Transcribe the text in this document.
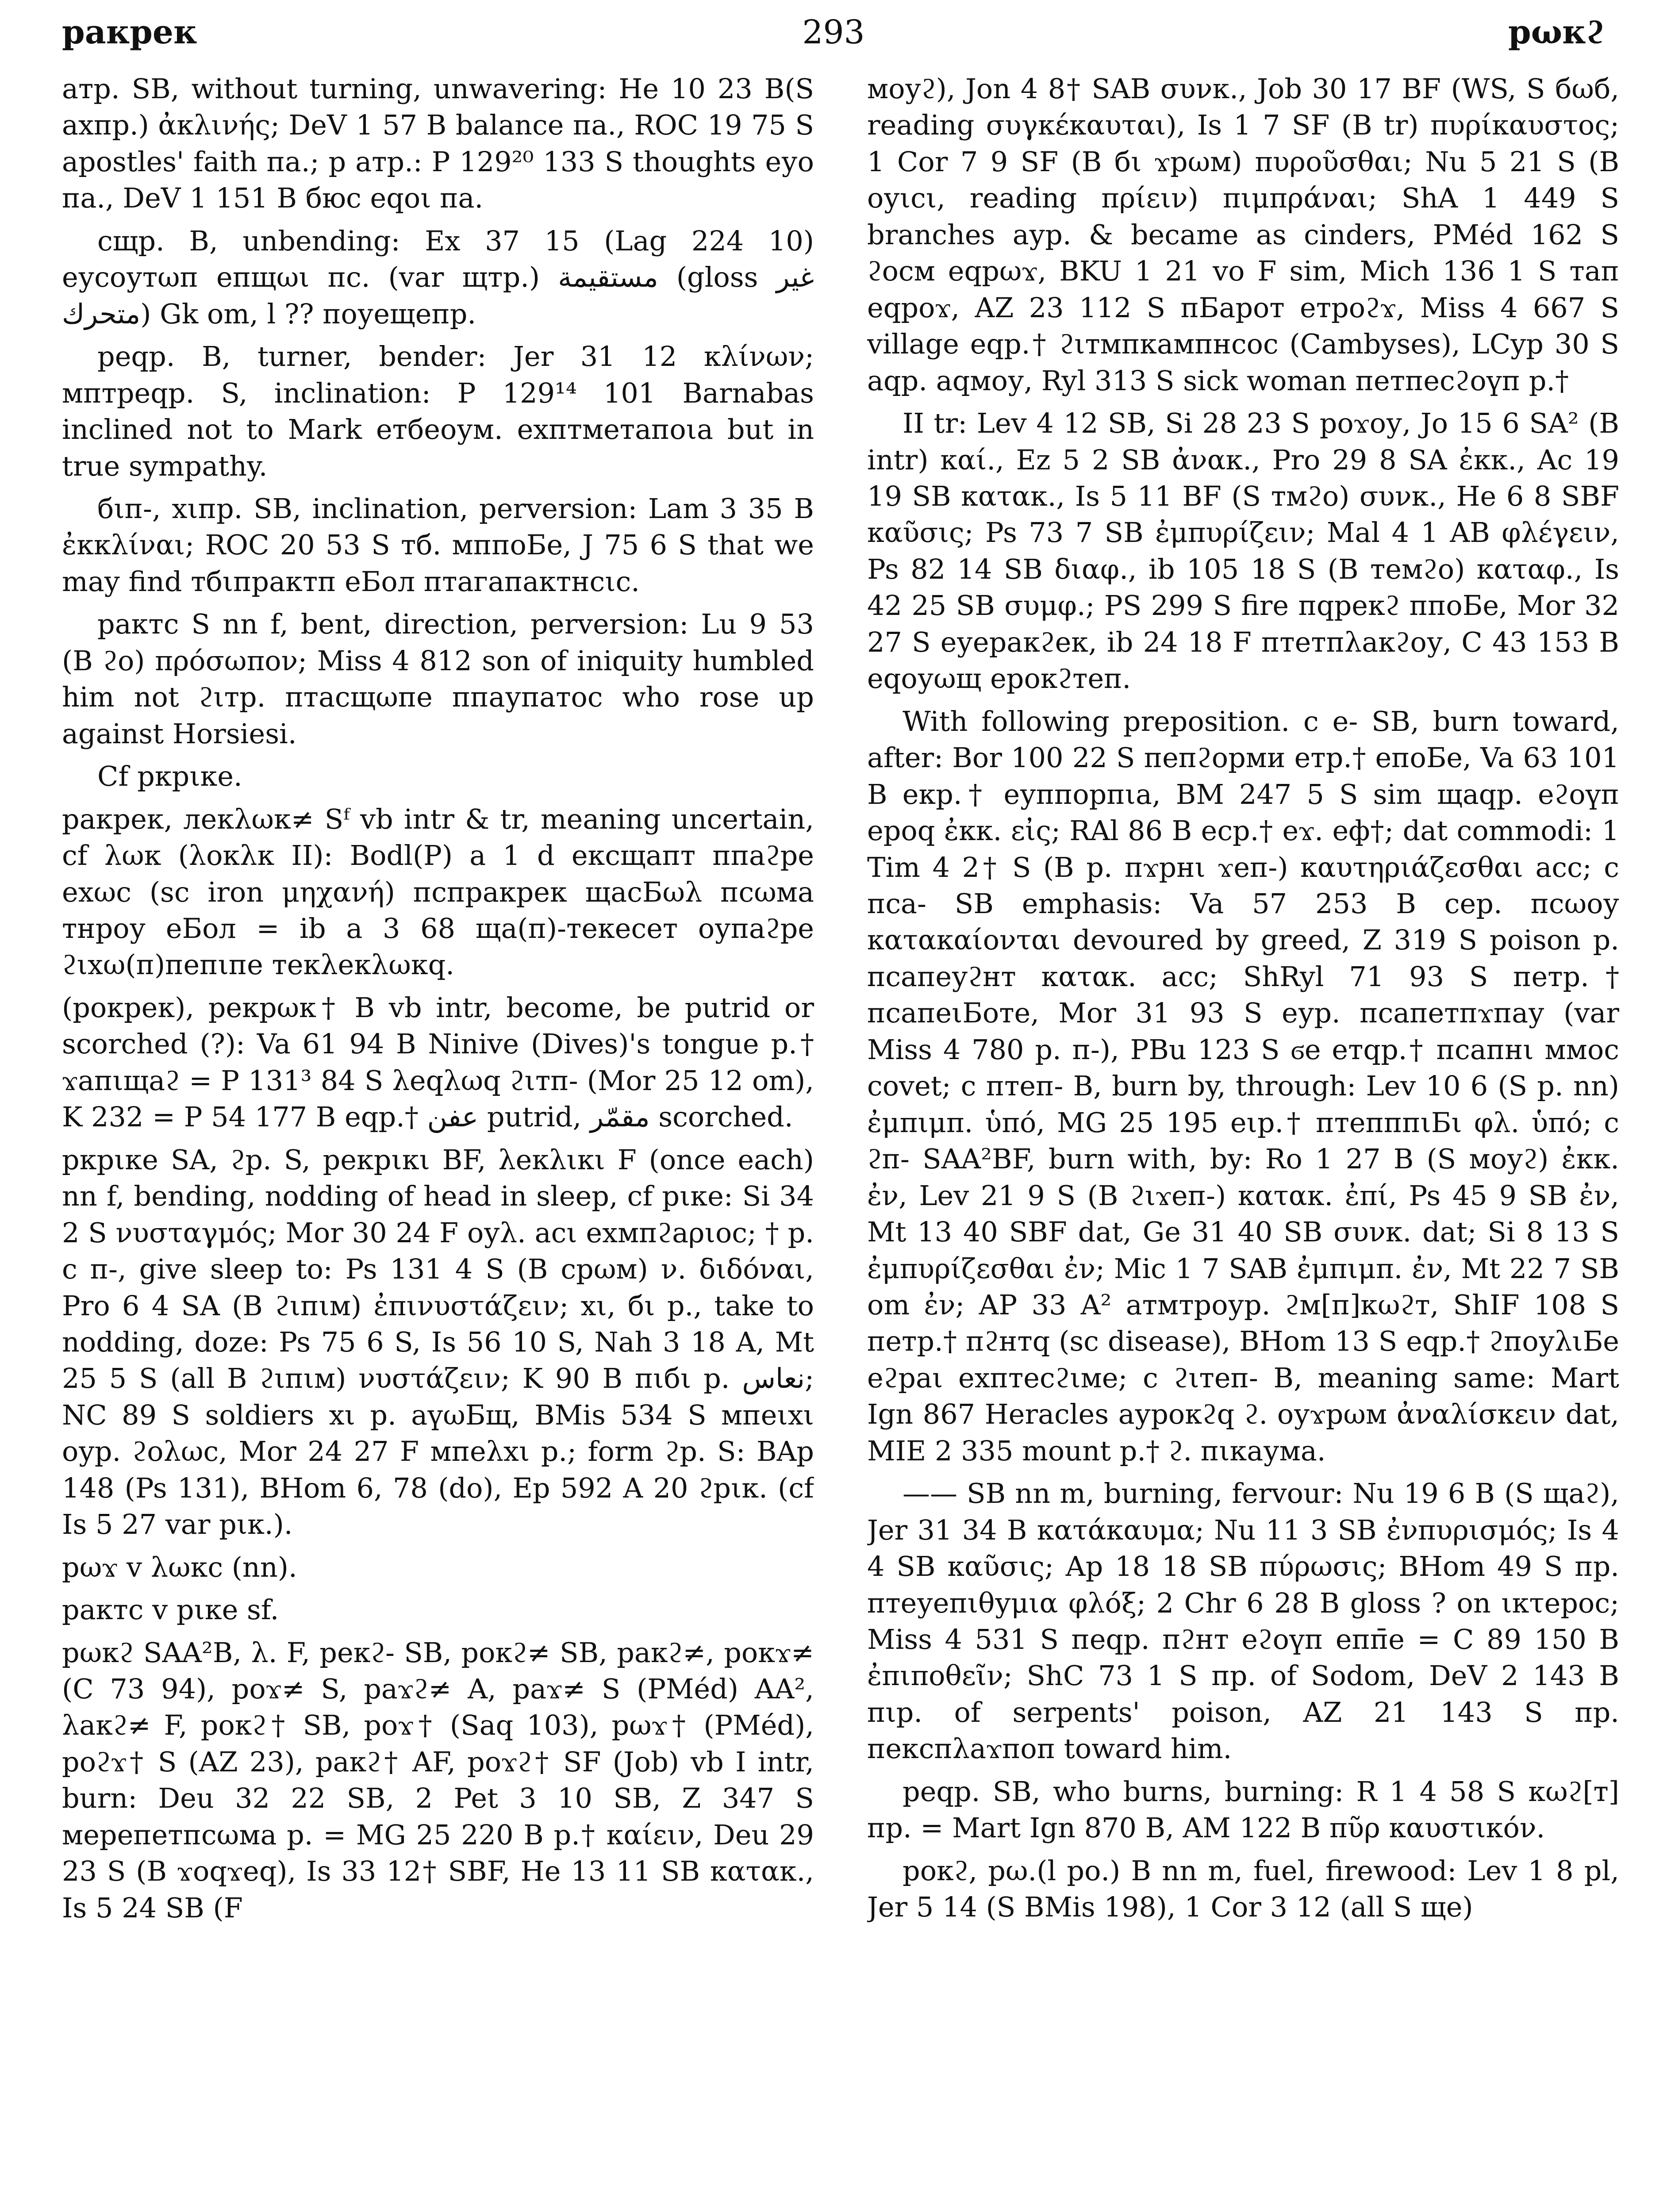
ракрек	293	рωкϩ

атр. SB, without turning, unwavering: He 10 23 B(S ахпр.) ἀκλινής; DeV 1 57 B balance па., ROC 19 75 S apostles' faith па.; р атр.: P 129²⁰ 133 S thoughts еуо па., DeV 1 151 B бюс еqοι па.

сщр. B, unbending: Ex 37 15 (Lag 224 10) еусоутωп епщωι пс. (var щтр.) مستقيمة (gloss غير متحرك) Gk om, l ?? поуещепр.

реqр. B, turner, bender: Jer 31 12 κλίνων; мптреqр. S, inclination: P 129¹⁴ 101 Barnabas inclined not to Mark етбеоум. ехптметапоιа but in true sympathy.

бιп-, хιпр. SB, inclination, perversion: Lam 3 35 B ἐκκλίναι; ROC 20 53 S тб. мппоБе, J 75 6 S that we may find тбιпрактп еБол птагапактнсιс.

рактс S nn f, bent, direction, perversion: Lu 9 53 (B ϩо) πρόσωπον; Miss 4 812 son of iniquity humbled him not ϩιтр. птасщωпе ппаупатос who rose up against Horsiesi.

Cf ркрιке.

ракрек, лекλωк≠ Sᶠ vb intr & tr, meaning uncertain, cf λωк (λоκλк II): Bodl(P) a 1 d ексщапт ппаϩре ехωс (sc iron μηχανή) пспракрек щасБωλ псωма тнроу еБол = ib a 3 68 ща(п)-текесет оупаϩре ϩιхω(п)пепιпе текλекλωкq.

(рокрек), рекрωк† B vb intr, become, be putrid or scorched (?): Va 61 94 B Ninive (Dives)'s tongue р.† ϫапιщаϩ = P 131³ 84 S λеqλωq ϩιтп- (Mor 25 12 om), K 232 = P 54 177 B еqр.† عفن putrid, مقمّر scorched.

ркрιке SA, ϩр. S, рекрικι BF, λекλικι F (once each) nn f, bending, nodding of head in sleep, cf рικе: Si 34 2 S νυσταγμός; Mor 30 24 F оуλ. асι ехмпϩаριос; † р. с п-, give sleep to: Ps 131 4 S (B срωм) ν. διδόναι, Pro 6 4 SA (B ϩιпιм) ἐπινυστάζειν; хι, бι р., take to nodding, doze: Ps 75 6 S, Is 56 10 S, Nah 3 18 A, Mt 25 5 S (all B ϩιпιм) νυστάζειν; K 90 B пιбι р. نعاس; NC 89 S soldiers хι р. аүωБщ, BMis 534 S мпеιхι оур. ϩоλωс, Mor 24 27 F мпеλхι р.; form ϩр. S: BAp 148 (Ps 131), BHom 6, 78 (do), Ep 592 A 20 ϩрιк. (cf Is 5 27 var рικ.).

рωϫ v λωкс (nn).

рактс v рικе sf.

рωкϩ SAA²B, λ. F, рекϩ- SB, рокϩ≠ SB, ракϩ≠, рокϫ≠ (C 73 94), роϫ≠ S, раϫϩ≠ A, раϫ≠ S (PMéd) AA², λакϩ≠ F, рокϩ† SB, роϫ† (Saq 103), рωϫ† (PMéd), роϩϫ† S (AZ 23), ракϩ† AF, роϫϩ† SF (Job) vb I intr, burn: Deu 32 22 SB, 2 Pet 3 10 SB, Z 347 S мерепетпсωма р. = MG 25 220 B р.† καίειν, Deu 29 23 S (B ϫоqϫеq), Is 33 12† SBF, He 13 11 SB κατακ., Is 5 24 SB (F

моуϩ), Jon 4 8† SAB συνκ., Job 30 17 BF (WS, S бωб, reading συγκέκαυται), Is 1 7 SF (B tr) πυρίκαυστος; 1 Cor 7 9 SF (B бι ϫрωм) πυροῦσθαι; Nu 5 21 S (B оуιсι, reading πρίειν) πιμπράναι; ShA 1 449 S branches аур. & became as cinders, PMéd 162 S ϩосм еqрωϫ, BKU 1 21 vo F sim, Mich 136 1 S тап еqроϫ, AZ 23 112 S пБарот етроϩϫ, Miss 4 667 S village еqр.† ϩιтмпкампнсос (Cambyses), LCyp 30 S аqр. аqмоу, Ryl 313 S sick woman петпесϩоүп р.†

II tr: Lev 4 12 SB, Si 28 23 S роϫоу, Jo 15 6 SA² (B intr) καί., Ez 5 2 SB ἀνακ., Pro 29 8 SA ἐκκ., Ac 19 19 SB κατακ., Is 5 11 BF (S тмϩо) συνκ., He 6 8 SBF καῦσις; Ps 73 7 SB ἐμπυρίζειν; Mal 4 1 AB φλέγειν, Ps 82 14 SB διαφ., ib 105 18 S (B темϩо) καταφ., Is 42 25 SB συμφ.; PS 299 S fire пqрекϩ ппоБе, Mor 32 27 S еуеракϩек, ib 24 18 F птетпλакϩоу, C 43 153 B еqоуωщ ерокϩтеп.

With following preposition. с е- SB, burn toward, after: Bor 100 22 S пепϩорми етр.† епоБе, Va 63 101 B екр.† еуппорпιа, BM 247 5 S sim щаqр. еϩоүп ероq ἐκκ. εἰς; RAl 86 B еср.† еϫ. еф†; dat commodi: 1 Tim 4 2† S (B р. пϫрнι ϫеп-) καυτηριάζεσθαι acc; с пса- SB emphasis: Va 57 253 B сер. псωоу κατακαίονται devoured by greed, Z 319 S poison р. псапеуϩнт κατακ. acc; ShRyl 71 93 S петр.† псапеιБоте, Mor 31 93 S еур. псапетпϫпау (var Miss 4 780 р. п-), PBu 123 S ϭе етqр.† псапнι ммос covet; с птеп- B, burn by, through: Lev 10 6 (S р. nn) ἐμπιμπ. ὑπό, MG 25 195 еιр.† птепппιБι φλ. ὑπό; с ϩп- SAA²BF, burn with, by: Ro 1 27 B (S моуϩ) ἐκκ. ἐν, Lev 21 9 S (B ϩιϫеп-) κατακ. ἐπί, Ps 45 9 SB ἐν, Mt 13 40 SBF dat, Ge 31 40 SB συνκ. dat; Si 8 13 S ἐμπυρίζεσθαι ἐν; Mic 1 7 SAB ἐμπιμπ. ἐν, Mt 22 7 SB om ἐν; AP 33 A² атмтроур. ϩм[п]кωϩт, ShIF 108 S петр.† пϩнтq (sc disease), BHom 13 S еqр.† ϩпоуλιБе еϩраι ехптесϩιме; с ϩιтеп- B, meaning same: Mart Ign 867 Heracles ауроκϩq ϩ. оуϫрωм ἀναλίσκειν dat, MIE 2 335 mount р.† ϩ. пιкаума.

—— SB nn m, burning, fervour: Nu 19 6 B (S щаϩ), Jer 31 34 B κατάκαυμα; Nu 11 3 SB ἐνπυρισμός; Is 4 4 SB καῦσις; Ap 18 18 SB πύρωσις; BHom 49 S пр. птеуепιθуμια φλόξ; 2 Chr 6 28 B gloss ? on ικτерос; Miss 4 531 S пеqр. пϩнт еϩоүп епп̄е = C 89 150 B ἐπιποθεῖν; ShC 73 1 S пр. of Sodom, DeV 2 143 B пιр. of serpents' poison, AZ 21 143 S пр. пекспλаϫпоп toward him.

реqр. SB, who burns, burning: R 1 4 58 S кωϩ[т] пр. = Mart Ign 870 B, AM 122 B πῦρ καυστικόν.

рокϩ, рω.(l ро.) B nn m, fuel, firewood: Lev 1 8 pl, Jer 5 14 (S BMis 198), 1 Cor 3 12 (all S ще)
